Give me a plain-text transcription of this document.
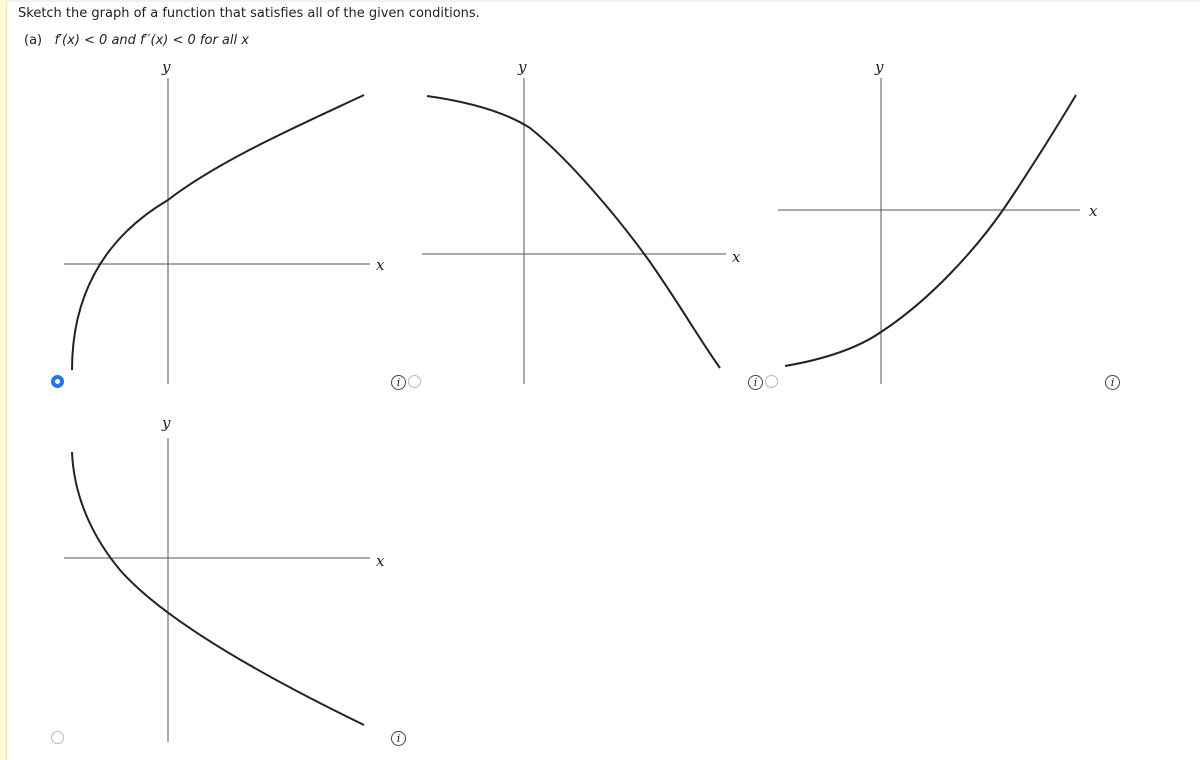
Sketch the graph of a function that satisfies all of the given conditions.
(a) f′(x) < 0 and f′′(x) < 0 for all x
y
x
y
x
y
x
y
x
i	i	i
i
